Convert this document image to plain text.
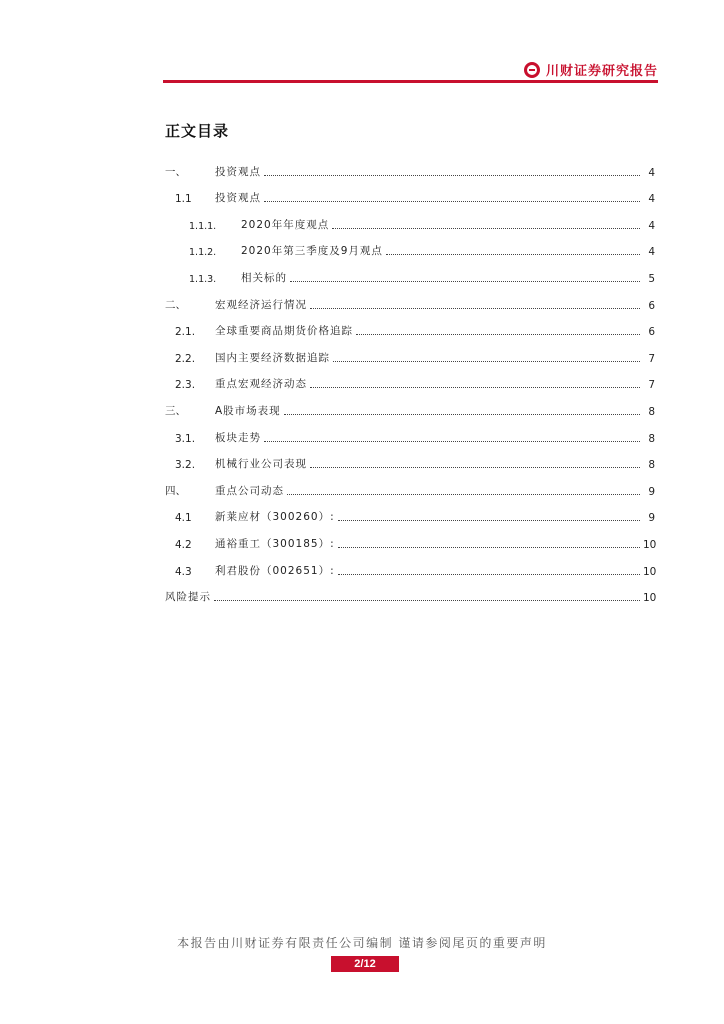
川财证券研究报告
正文目录
一、	投资观点	4
1.1	投资观点	4
1.1.1.	2020年年度观点	4
1.1.2.	2020年第三季度及9月观点	4
1.1.3.	相关标的	5
二、	宏观经济运行情况	6
2.1.	全球重要商品期货价格追踪	6
2.2.	国内主要经济数据追踪	7
2.3.	重点宏观经济动态	7
三、	A股市场表现	8
3.1.	板块走势	8
3.2.	机械行业公司表现	8
四、	重点公司动态	9
4.1	新莱应材（300260）:	9
4.2	通裕重工（300185）:	10
4.3	利君股份（002651）:	10
风险提示	10
本报告由川财证券有限责任公司编制 谨请参阅尾页的重要声明
2/12
